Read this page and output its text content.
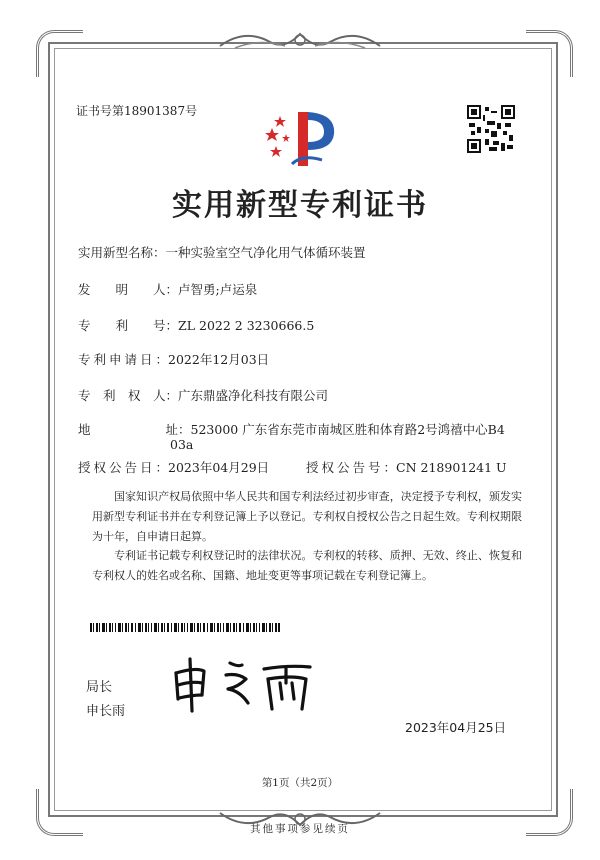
证书号第18901387号
实用新型专利证书
实用新型名称：一种实验室空气净化用气体循环装置
发　　明　　人：卢智勇;卢运泉
专　　利　　号：ZL 2022 2 3230666.5
专利申请日：2022年12月03日
专　利　权　人：广东鼎盛净化科技有限公司
地　　　　　　址：523000 广东省东莞市南城区胜和体育路2号鸿禧中心B4
03a
授权公告日：2023年04月29日	授权公告号：CN 218901241 U
国家知识产权局依照中华人民共和国专利法经过初步审查，决定授予专利权，颁发实用新型专利证书并在专利登记簿上予以登记。专利权自授权公告之日起生效。专利权期限为十年，自申请日起算。
专利证书记载专利权登记时的法律状况。专利权的转移、质押、无效、终止、恢复和专利权人的姓名或名称、国籍、地址变更等事项记载在专利登记簿上。
局长
申长雨
2023年04月25日
第1页（共2页）
其他事项参见续页
